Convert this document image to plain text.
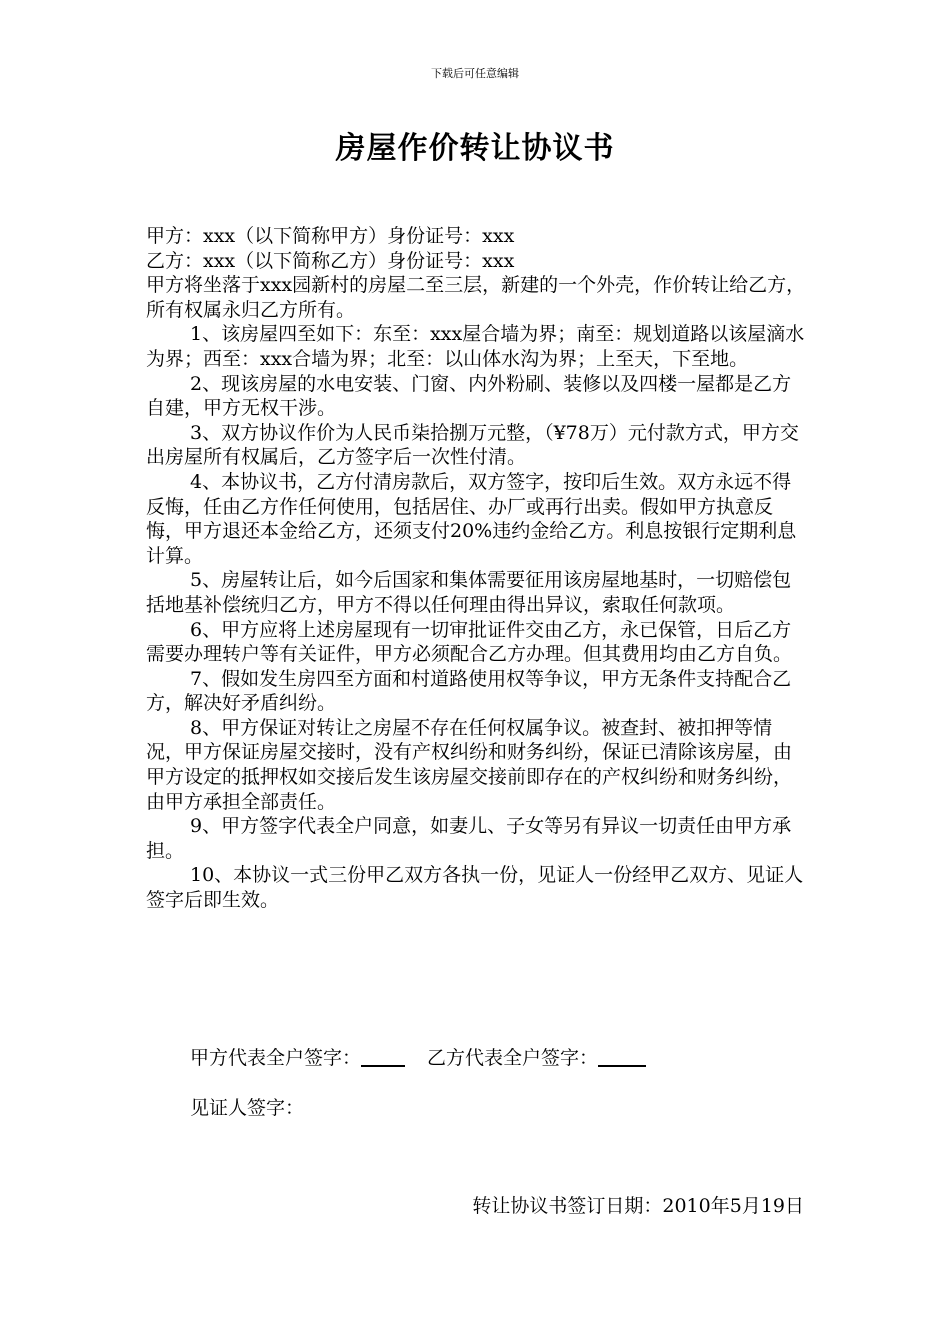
下载后可任意编辑
房屋作价转让协议书

甲方：xxx（以下简称甲方）身份证号：xxx

乙方：xxx（以下简称乙方）身份证号：xxx

甲方将坐落于xxx园新村的房屋二至三层，新建的一个外壳，作价转让给乙方，所有权属永归乙方所有。

1、该房屋四至如下：东至：xxx屋合墙为界；南至：规划道路以该屋滴水为界；西至：xxx合墙为界；北至：以山体水沟为界；上至天，下至地。

2、现该房屋的水电安装、门窗、内外粉刷、装修以及四楼一屋都是乙方自建，甲方无权干涉。

3、双方协议作价为人民币柒拾捌万元整，（¥78万）元付款方式，甲方交出房屋所有权属后，乙方签字后一次性付清。

4、本协议书，乙方付清房款后，双方签字，按印后生效。双方永远不得反悔，任由乙方作任何使用，包括居住、办厂或再行出卖。假如甲方执意反悔，甲方退还本金给乙方，还须支付20%违约金给乙方。利息按银行定期利息计算。

5、房屋转让后，如今后国家和集体需要征用该房屋地基时，一切赔偿包括地基补偿统归乙方，甲方不得以任何理由得出异议，索取任何款项。

6、甲方应将上述房屋现有一切审批证件交由乙方，永已保管，日后乙方需要办理转户等有关证件，甲方必须配合乙方办理。但其费用均由乙方自负。

7、假如发生房四至方面和村道路使用权等争议，甲方无条件支持配合乙方，解决好矛盾纠纷。

8、甲方保证对转让之房屋不存在任何权属争议。被查封、被扣押等情况，甲方保证房屋交接时，没有产权纠纷和财务纠纷，保证已清除该房屋，由甲方设定的抵押权如交接后发生该房屋交接前即存在的产权纠纷和财务纠纷，由甲方承担全部责任。

9、甲方签字代表全户同意，如妻儿、子女等另有异议一切责任由甲方承担。

10、本协议一式三份甲乙双方各执一份，见证人一份经甲乙双方、见证人签字后即生效。

甲方代表全户签字：	乙方代表全户签字：
见证人签字：
转让协议书签订日期：2010年5月19日
